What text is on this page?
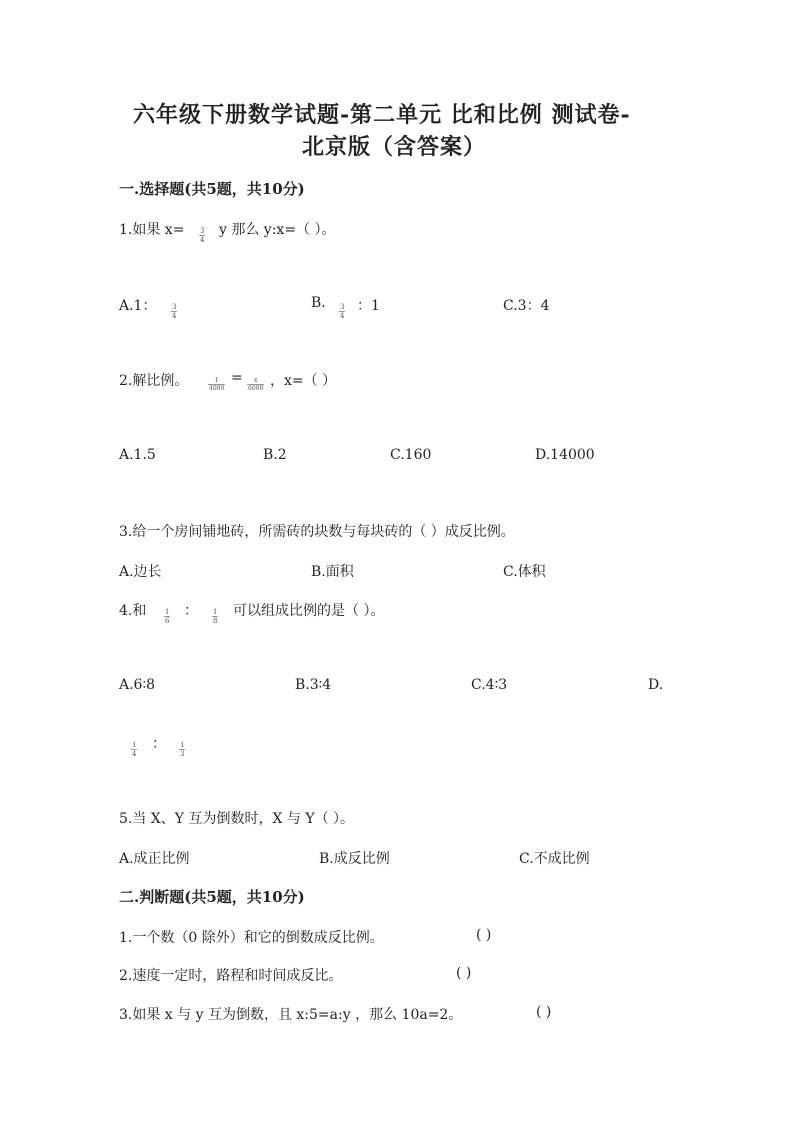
六年级下册数学试题-第二单元 比和比例 测试卷-
北京版（含答案）
一.选择题(共5题，共10分)
1.如果 x= 3
4
y 那么 y:x=（ ）。
A.1： 3
4
B. 3
4
：1	C.3：4
2.解比例。	1
4000
= x
6000 ，x=（ ）
A.1.5	B.2	C.160	D.14000
3.给一个房间铺地砖，所需砖的块数与每块砖的（ ）成反比例。
A.边长	B.面积	C.体积
4.和	1
6
： 1
8
可以组成比例的是（ ）。
A.6∶8	B.3∶4	C.4∶3	D.
1
4
： 1
3
5.当 X、Y 互为倒数时，X 与 Y（ ）。
A.成正比例	B.成反比例	C.不成比例
二.判断题(共5题，共10分)
1.一个数（0 除外）和它的倒数成反比例。	( )
2.速度一定时，路程和时间成反比。	( )
3.如果 x 与 y 互为倒数，且 x:5=a:y ，那么 10a=2。	( )
